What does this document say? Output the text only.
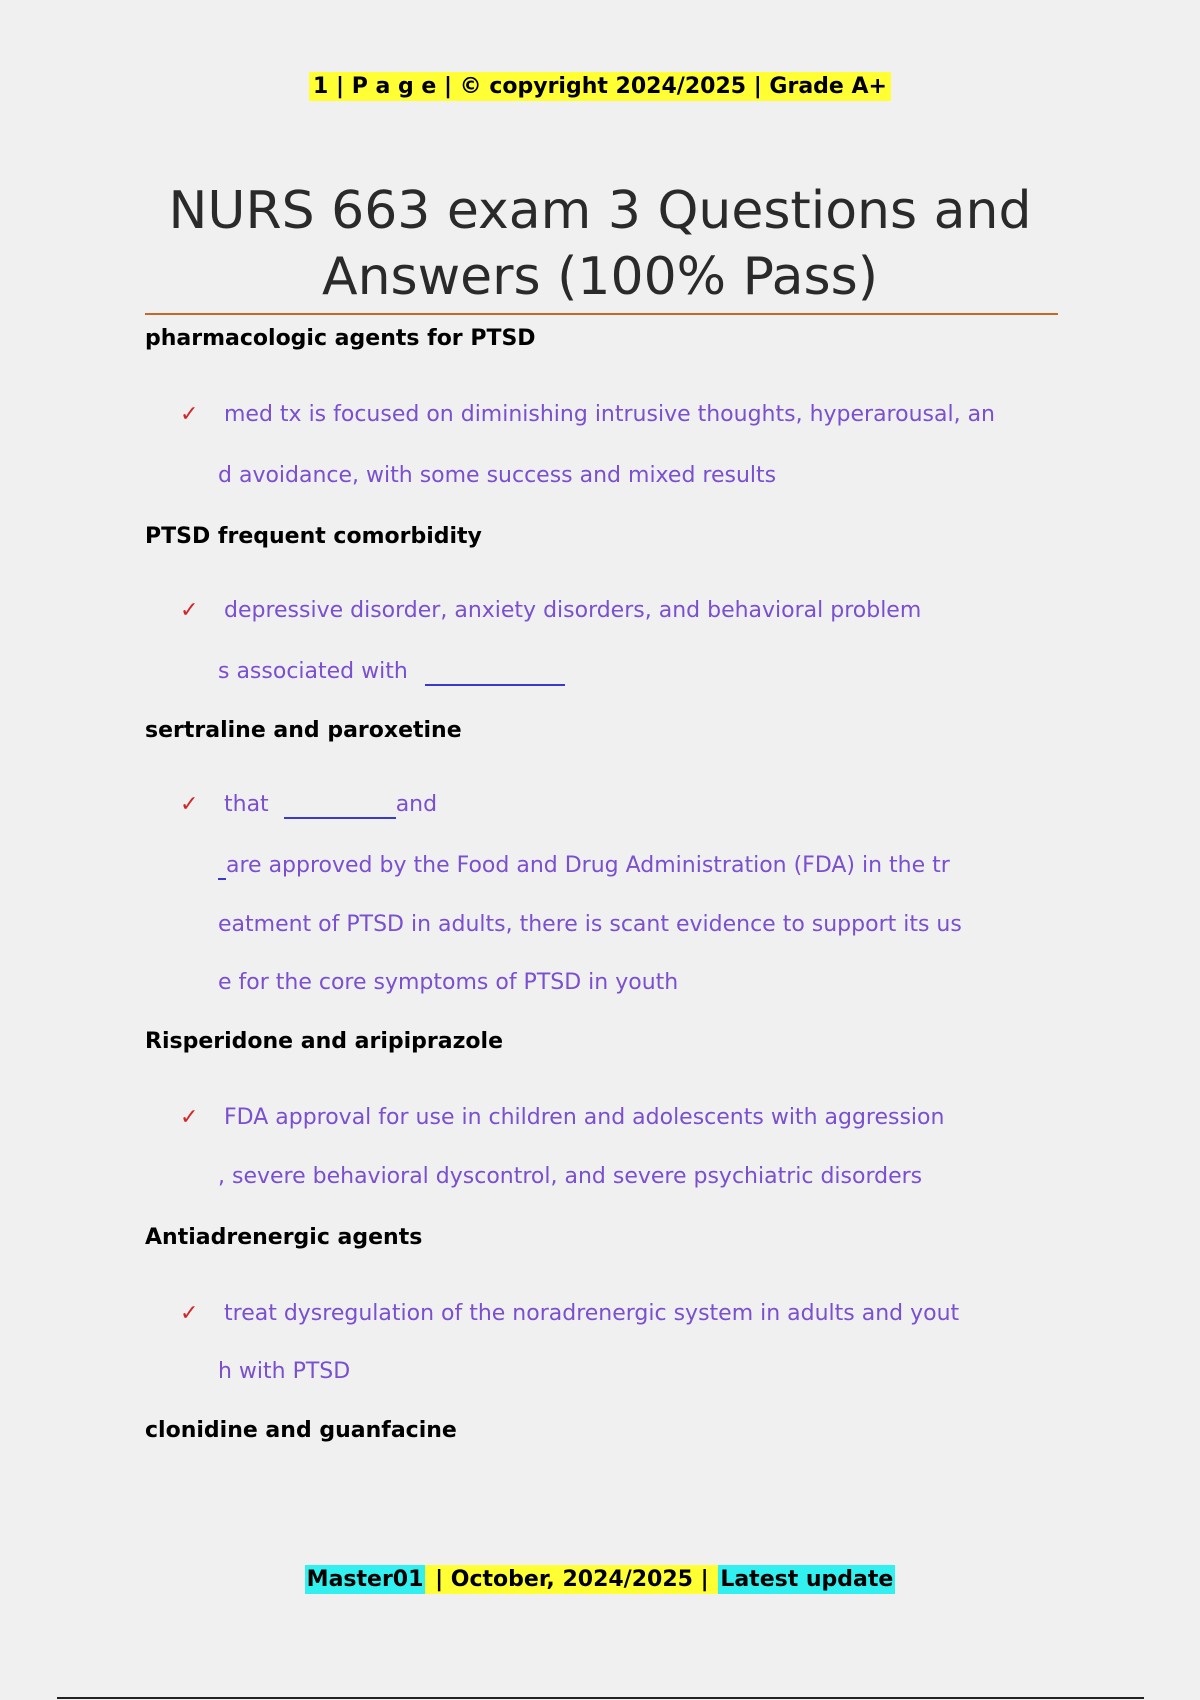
1 | P a g e | © copyright 2024/2025 | Grade A+
NURS 663 exam 3 Questions and
Answers (100% Pass)
pharmacologic agents for PTSD
✓ med tx is focused on diminishing intrusive thoughts, hyperarousal, an
d avoidance, with some success and mixed results
PTSD frequent comorbidity
✓ depressive disorder, anxiety disorders, and behavioral problem
s associated with
sertraline and paroxetine
✓ that	and
are approved by the Food and Drug Administration (FDA) in the tr
eatment of PTSD in adults, there is scant evidence to support its us
e for the core symptoms of PTSD in youth
Risperidone and aripiprazole
✓ FDA approval for use in children and adolescents with aggression
, severe behavioral dyscontrol, and severe psychiatric disorders
Antiadrenergic agents
✓ treat dysregulation of the noradrenergic system in adults and yout
h with PTSD
clonidine and guanfacine
Master01 | October, 2024/2025 | Latest update
